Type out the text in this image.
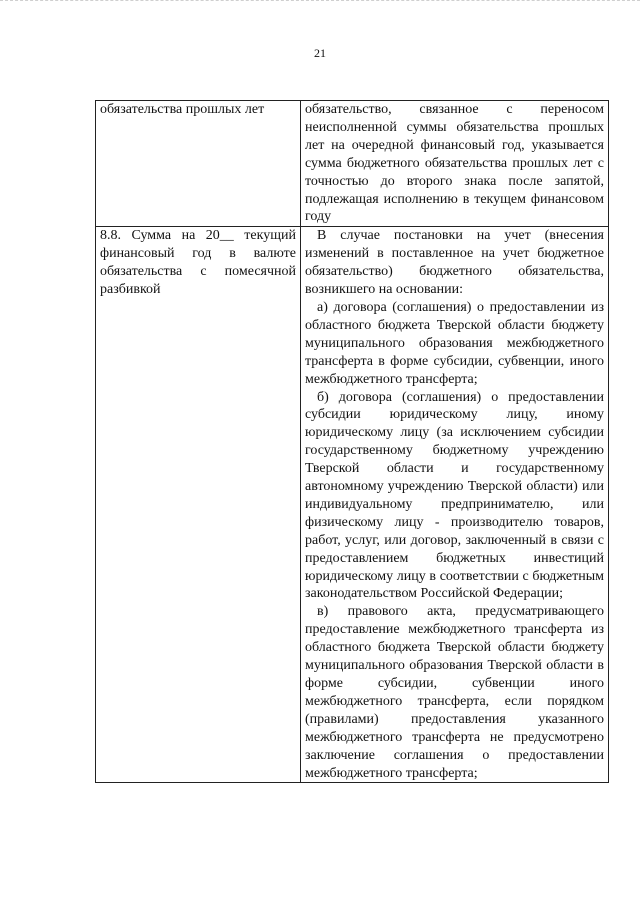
21

обязательства прошлых лет	обязательство, связанное с переносом неисполненной суммы обязательства прошлых лет на очередной финансовый год, указывается сумма бюджетного обязательства прошлых лет с точностью до второго знака после запятой, подлежащая исполнению в текущем финансовом году

8.8. Сумма на 20__ текущий финансовый год в валюте обязательства с помесячной разбивкой	В случае постановки на учет (внесения изменений в поставленное на учет бюджетное обязательство) бюджетного обязательства, возникшего на основании:

а) договора (соглашения) о предоставлении из областного бюджета Тверской области бюджету муниципального образования межбюджетного трансферта в форме субсидии, субвенции, иного межбюджетного трансферта;

б) договора (соглашения) о предоставлении субсидии юридическому лицу, иному юридическому лицу (за исключением субсидии государственному бюджетному учреждению Тверской области и государственному автономному учреждению Тверской области) или индивидуальному предпринимателю, или физическому лицу - производителю товаров, работ, услуг, или договор, заключенный в связи с предоставлением бюджетных инвестиций юридическому лицу в соответствии с бюджетным законодательством Российской Федерации;

в) правового акта, предусматривающего предоставление межбюджетного трансферта из областного бюджета Тверской области бюджету муниципального образования Тверской области в форме субсидии, субвенции иного межбюджетного трансферта, если порядком (правилами) предоставления указанного межбюджетного трансферта не предусмотрено заключение соглашения о предоставлении межбюджетного трансферта;
